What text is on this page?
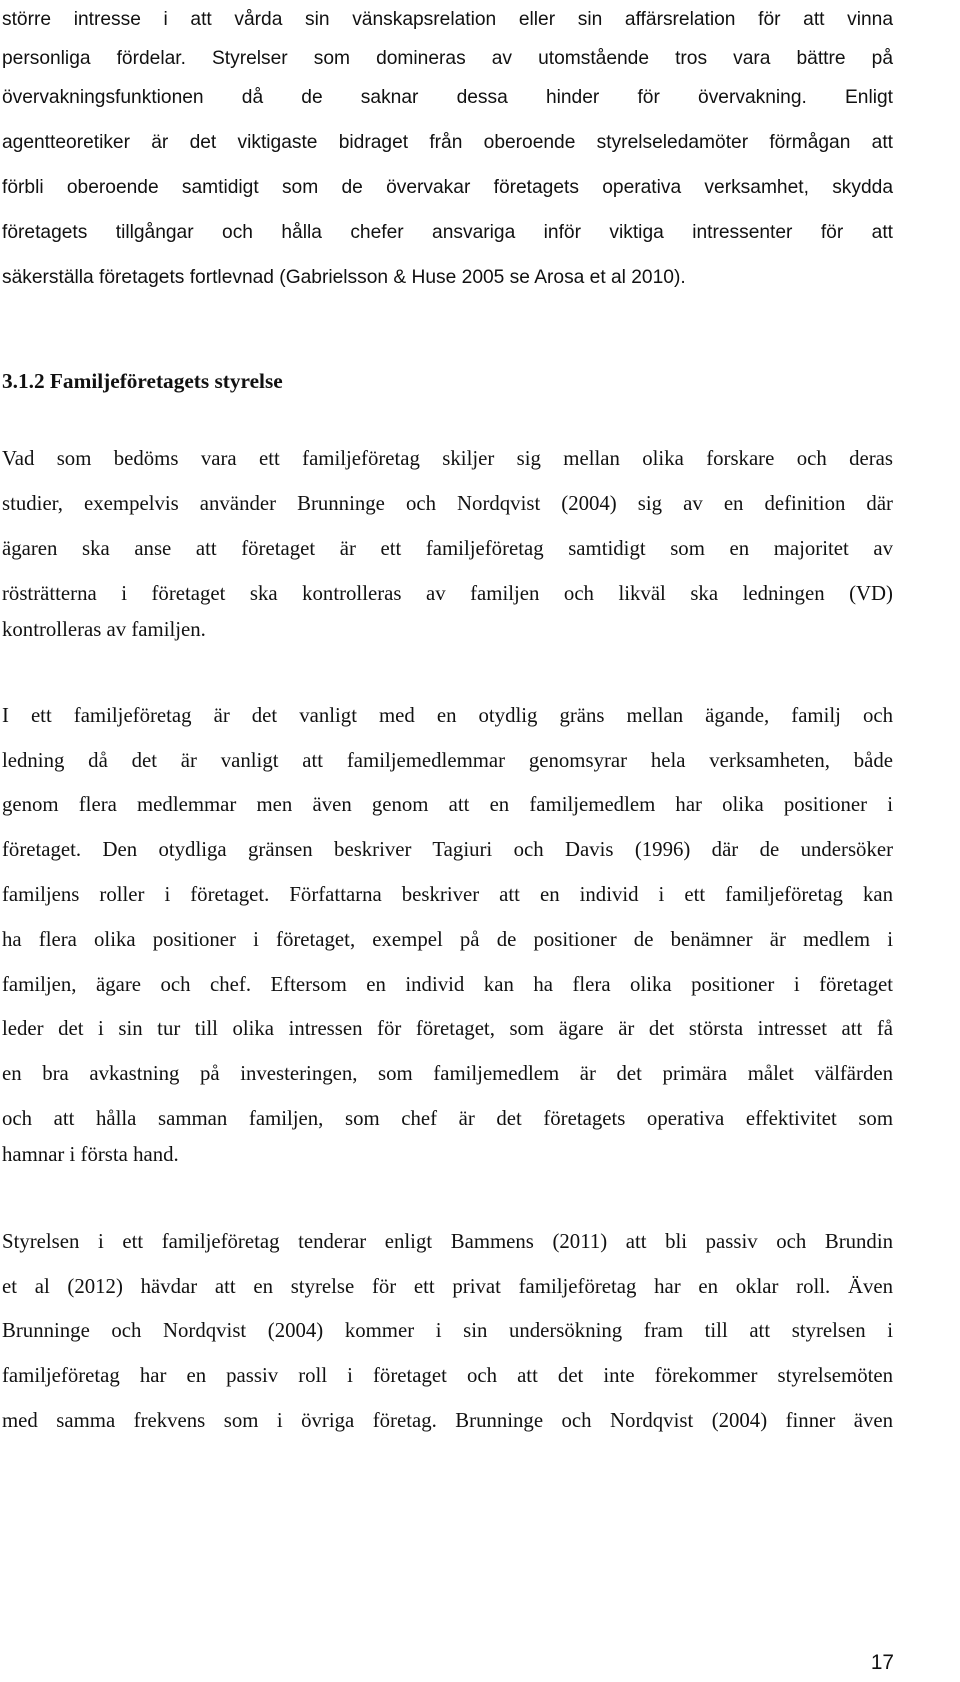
större intresse i att vårda sin vänskapsrelation eller sin affärsrelation för att vinna
personliga fördelar. Styrelser som domineras av utomstående tros vara bättre på
övervakningsfunktionen då de saknar dessa hinder för övervakning. Enligt
agentteoretiker är det viktigaste bidraget från oberoende styrelseledamöter förmågan att
förbli oberoende samtidigt som de övervakar företagets operativa verksamhet, skydda
företagets tillgångar och hålla chefer ansvariga inför viktiga intressenter för att
säkerställa företagets fortlevnad (Gabrielsson & Huse 2005 se Arosa et al 2010).
3.1.2 Familjeföretagets styrelse
Vad som bedöms vara ett familjeföretag skiljer sig mellan olika forskare och deras
studier, exempelvis använder Brunninge och Nordqvist (2004) sig av en definition där
ägaren ska anse att företaget är ett familjeföretag samtidigt som en majoritet av
rösträtterna i företaget ska kontrolleras av familjen och likväl ska ledningen (VD)
kontrolleras av familjen.
I ett familjeföretag är det vanligt med en otydlig gräns mellan ägande, familj och
ledning då det är vanligt att familjemedlemmar genomsyrar hela verksamheten, både
genom flera medlemmar men även genom att en familjemedlem har olika positioner i
företaget. Den otydliga gränsen beskriver Tagiuri och Davis (1996) där de undersöker
familjens roller i företaget. Författarna beskriver att en individ i ett familjeföretag kan
ha flera olika positioner i företaget, exempel på de positioner de benämner är medlem i
familjen, ägare och chef. Eftersom en individ kan ha flera olika positioner i företaget
leder det i sin tur till olika intressen för företaget, som ägare är det största intresset att få
en bra avkastning på investeringen, som familjemedlem är det primära målet välfärden
och att hålla samman familjen, som chef är det företagets operativa effektivitet som
hamnar i första hand.
Styrelsen i ett familjeföretag tenderar enligt Bammens (2011) att bli passiv och Brundin
et al (2012) hävdar att en styrelse för ett privat familjeföretag har en oklar roll. Även
Brunninge och Nordqvist (2004) kommer i sin undersökning fram till att styrelsen i
familjeföretag har en passiv roll i företaget och att det inte förekommer styrelsemöten
med samma frekvens som i övriga företag. Brunninge och Nordqvist (2004) finner även
17
